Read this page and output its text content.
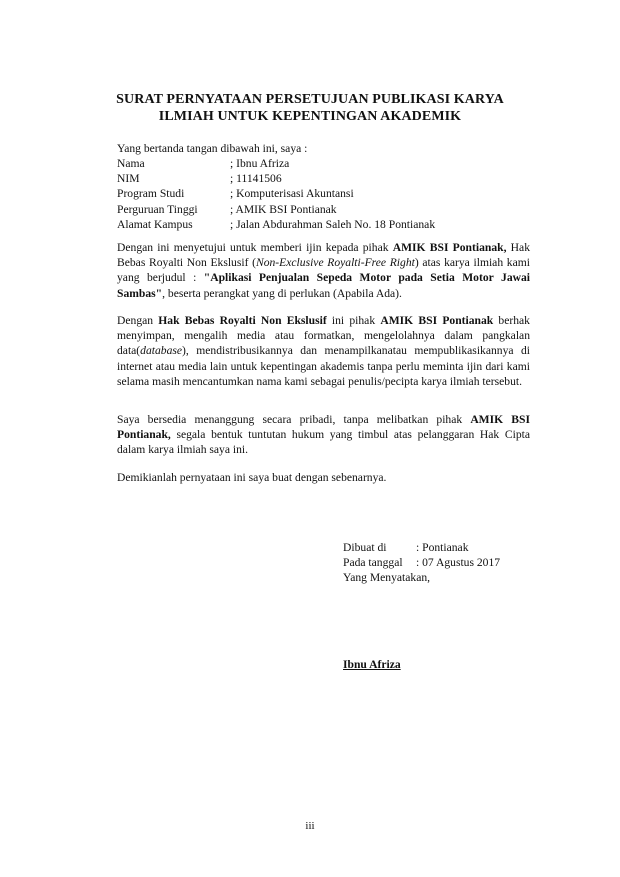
SURAT PERNYATAAN PERSETUJUAN PUBLIKASI KARYA
ILMIAH UNTUK KEPENTINGAN AKADEMIK
Yang bertanda tangan dibawah ini, saya :
Nama	; Ibnu Afriza
NIM	; 11141506
Program Studi	; Komputerisasi Akuntansi
Perguruan Tinggi	; AMIK BSI Pontianak
Alamat Kampus	; Jalan Abdurahman Saleh No. 18 Pontianak
Dengan ini menyetujui untuk memberi ijin kepada pihak AMIK BSI Pontianak, Hak Bebas Royalti Non Ekslusif (Non-Exclusive Royalti-Free Right) atas karya ilmiah kami yang berjudul : "Aplikasi Penjualan Sepeda Motor pada Setia Motor Jawai Sambas", beserta perangkat yang di perlukan (Apabila Ada).
Dengan Hak Bebas Royalti Non Ekslusif ini pihak AMIK BSI Pontianak berhak menyimpan, mengalih media atau formatkan, mengelolahnya dalam pangkalan data(database), mendistribusikannya dan menampilkanatau mempublikasikannya di internet atau media lain untuk kepentingan akademis tanpa perlu meminta ijin dari kami selama masih mencantumkan nama kami sebagai penulis/pecipta karya ilmiah tersebut.
Saya bersedia menanggung secara pribadi, tanpa melibatkan pihak AMIK BSI Pontianak, segala bentuk tuntutan hukum yang timbul atas pelanggaran Hak Cipta dalam karya ilmiah saya ini.
Demikianlah pernyataan ini saya buat dengan sebenarnya.
Dibuat di	: Pontianak
Pada tanggal	: 07 Agustus 2017
Yang Menyatakan,
Ibnu Afriza
iii
